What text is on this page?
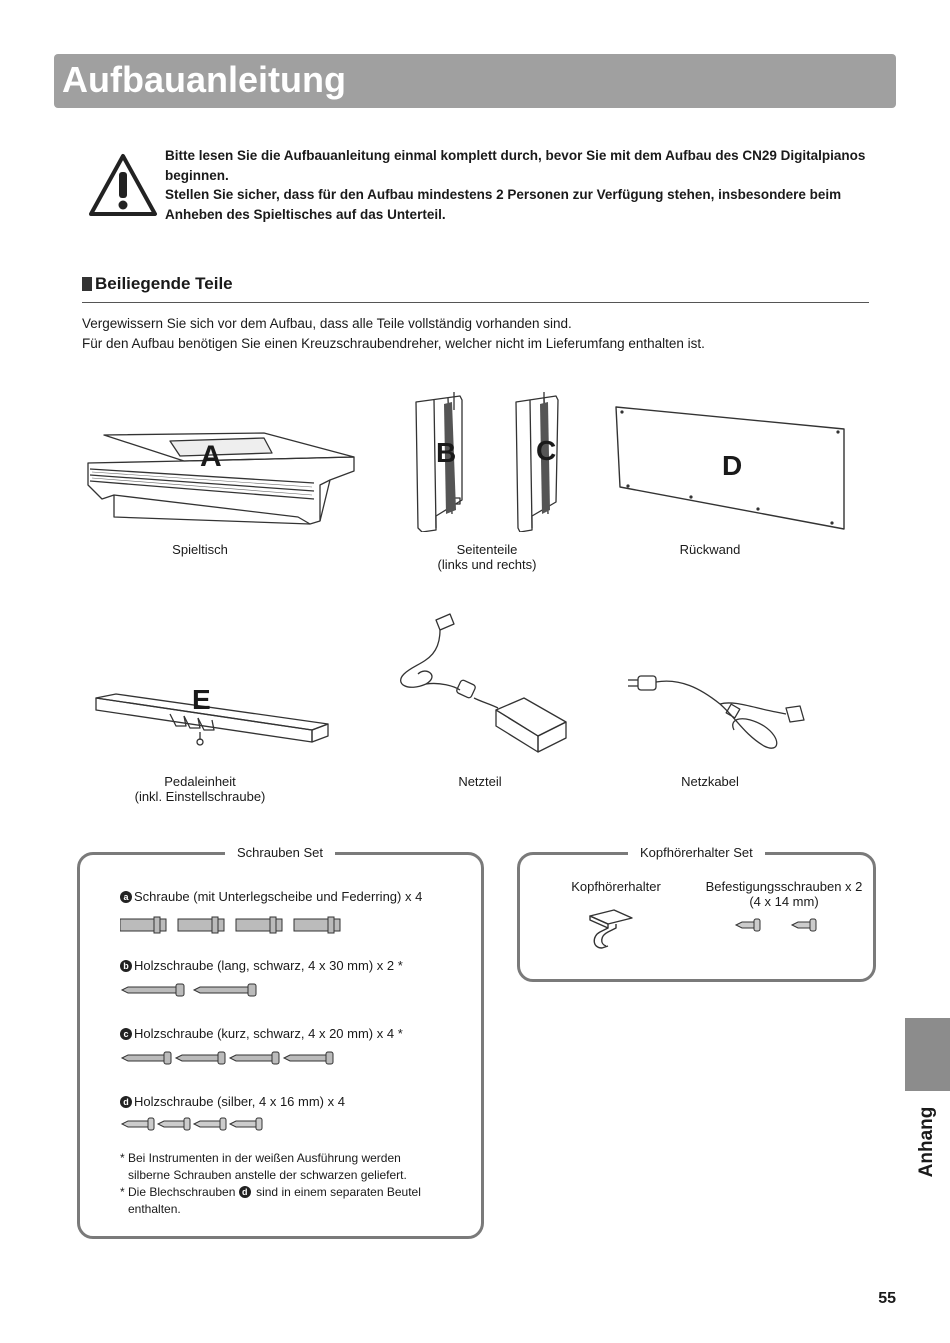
Aufbauanleitung

Bitte lesen Sie die Aufbauanleitung einmal komplett durch, bevor Sie mit dem Aufbau des CN29 Digitalpianos beginnen.

Stellen Sie sicher, dass für den Aufbau mindestens 2 Personen zur Verfügung stehen, insbesondere beim Anheben des Spieltisches auf das Unterteil.

Beiliegende Teile

Vergewissern Sie sich vor dem Aufbau, dass alle Teile vollständig vorhanden sind.

Für den Aufbau benötigen Sie einen Kreuzschraubendreher, welcher nicht im Lieferumfang enthalten ist.

A
Spieltisch
B	C
Seitenteile
(links und rechts)
D
Rückwand
E
Pedaleinheit
(inkl. Einstellschraube)
Netzteil	Netzkabel
Schrauben Set
a Schraube (mit Unterlegscheibe und Federring) x 4
b Holzschraube (lang, schwarz, 4 x 30 mm) x 2 *
c Holzschraube (kurz, schwarz, 4 x 20 mm) x 4 *
d Holzschraube (silber, 4 x 16 mm) x 4
* Bei Instrumenten in der weißen Ausführung werden
silberne Schrauben anstelle der schwarzen geliefert.
* Die Blechschrauben d sind in einem separaten Beutel
enthalten.
Kopfhörerhalter Set
Kopfhörerhalter	Befestigungsschrauben x 2
(4 x 14 mm)
Anhang
55
